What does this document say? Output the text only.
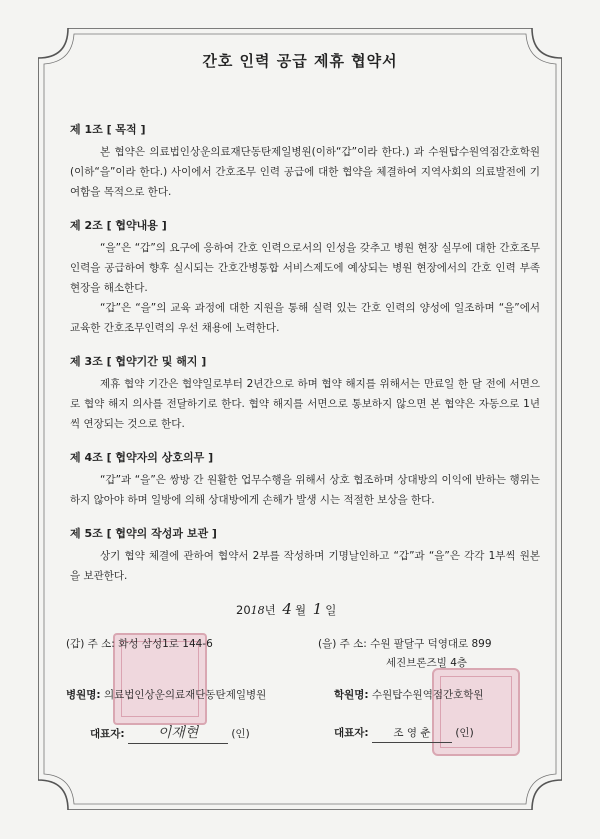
간호 인력 공급 제휴 협약서
제 1조 [ 목적 ]

본 협약은 의료법인상운의료재단동탄제일병원(이하“갑”이라 한다.) 과 수원탑수원역점간호학원(이하“을”이라 한다.) 사이에서 간호조무 인력 공급에 대한 협약을 체결하여 지역사회의 의료발전에 기여함을 목적으로 한다.

제 2조 [ 협약내용 ]

“을”은 “갑”의 요구에 응하여 간호 인력으로서의 인성을 갖추고 병원 현장 실무에 대한 간호조무 인력을 공급하여 향후 실시되는 간호간병통합 서비스제도에 예상되는 병원 현장에서의 간호 인력 부족 현장을 해소한다.

“갑”은 “을”의 교육 과정에 대한 지원을 통해 실력 있는 간호 인력의 양성에 일조하며 “을”에서 교육한 간호조무인력의 우선 채용에 노력한다.

제 3조 [ 협약기간 및 해지 ]

제휴 협약 기간은 협약일로부터 2년간으로 하며 협약 해지를 위해서는 만료일 한 달 전에 서면으로 협약 해지 의사를 전달하기로 한다. 협약 해지를 서면으로 통보하지 않으면 본 협약은 자동으로 1년씩 연장되는 것으로 한다.

제 4조 [ 협약자의 상호의무 ]

“갑”과 “을”은 쌍방 간 원활한 업무수행을 위해서 상호 협조하며 상대방의 이익에 반하는 행위는 하지 않아야 하며 일방에 의해 상대방에게 손해가 발생 시는 적절한 보상을 한다.

제 5조 [ 협약의 작성과 보관 ]

상기 협약 체결에 관하여 협약서 2부를 작성하며 기명날인하고 “갑”과 “을”은 각각 1부씩 원본을 보관한다.

2018년 4 월 1 일
(갑) 주 소: 화성 삼성1로 144-6
병원명: 의료법인상운의료재단동탄제일병원
대표자: 이재현	(인)
(을) 주 소: 수원 팔달구 덕영대로 899
세진브론즈빌 4층
학원명: 수원탑수원역점간호학원
대표자: 조 영 춘 (인)
